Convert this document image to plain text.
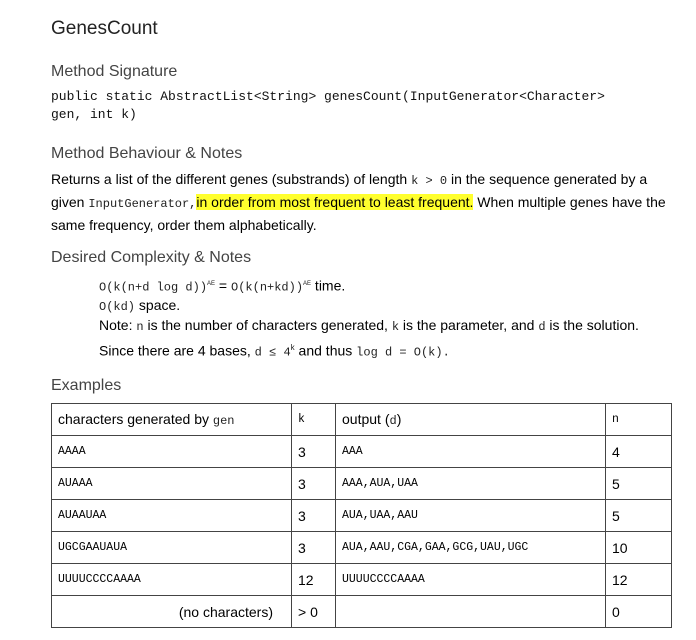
GenesCount
Method Signature
public static AbstractList<String> genesCount(InputGenerator<Character>
gen, int k)
Method Behaviour & Notes
Returns a list of the different genes (substrands) of length k > 0 in the sequence generated by a given InputGenerator,in order from most frequent to least frequent. When multiple genes have the same frequency, order them alphabetically.
Desired Complexity & Notes
O(k(n+d $\log d))^{AE} = O(k(n+kd))^{AE}$ time.
O(kd) space.
Note: n is the number of characters generated, k is the parameter, and d is the solution.
Since there are 4 bases, $d \le 4^k$ and thus log d = O(k).
Examples
characters generated by gen	k	output (d)	n
AAAA	3	AAA	4
AUAAA	3	AAA,AUA,UAA	5
AUAAUAA	3	AUA,UAA,AAU	5
UGCGAAUAUA	3	AUA,AAU,CGA,GAA,GCG,UAU,UGC	10
UUUUCCCCAAAA	12	UUUUCCCCAAAA	12
(no characters)	> 0		0
